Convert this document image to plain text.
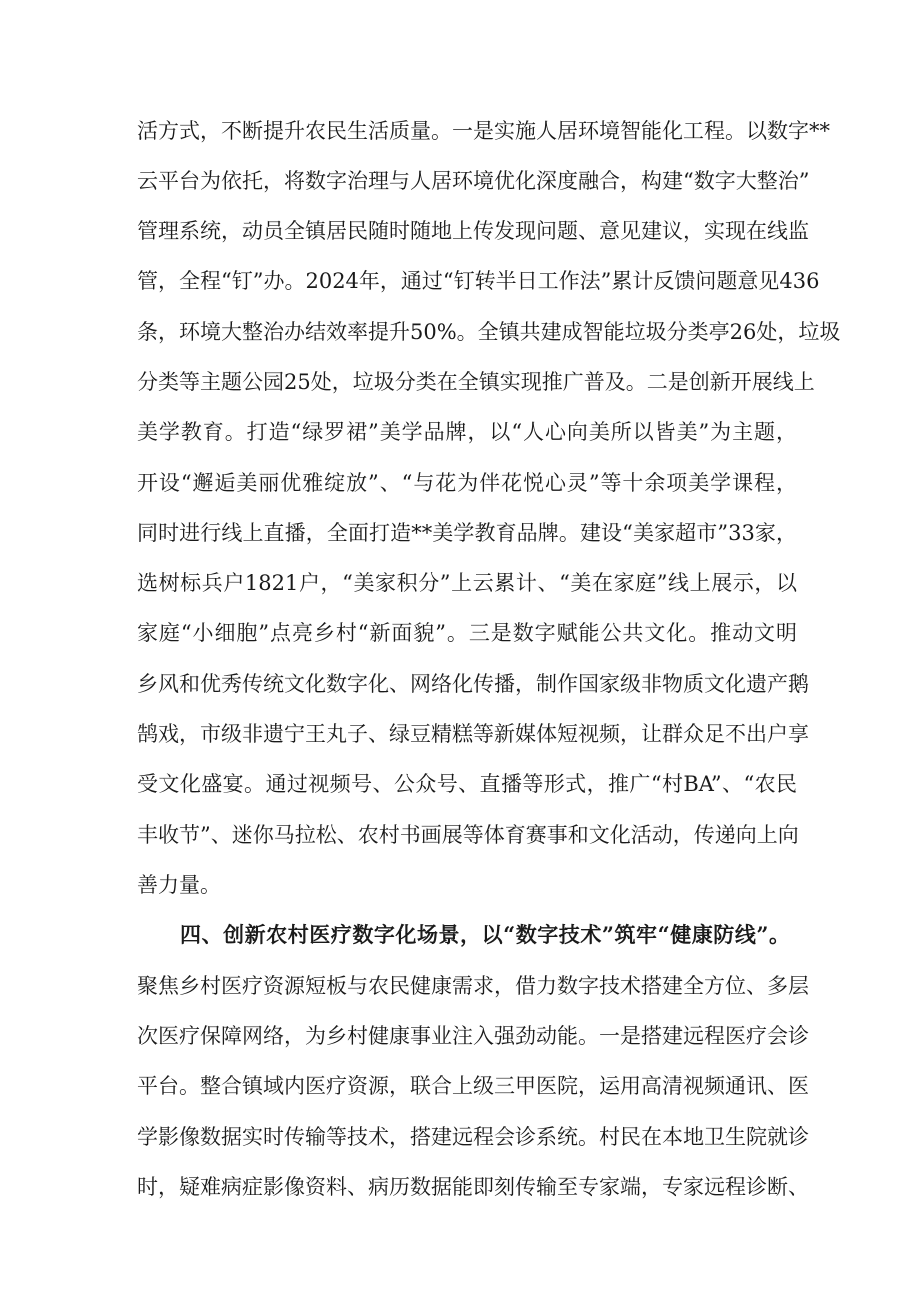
活方式，不断提升农民生活质量。一是实施人居环境智能化工程。以数字**
云平台为依托，将数字治理与人居环境优化深度融合，构建“数字大整治”
管理系统，动员全镇居民随时随地上传发现问题、意见建议，实现在线监
管，全程“钉”办。2024年，通过“钉转半日工作法”累计反馈问题意见436
条，环境大整治办结效率提升50%。全镇共建成智能垃圾分类亭26处，垃圾
分类等主题公园25处，垃圾分类在全镇实现推广普及。二是创新开展线上
美学教育。打造“绿罗裙”美学品牌，以“人心向美所以皆美”为主题，
开设“邂逅美丽优雅绽放”、“与花为伴花悦心灵”等十余项美学课程，
同时进行线上直播，全面打造**美学教育品牌。建设“美家超市”33家，
选树标兵户1821户，“美家积分”上云累计、“美在家庭”线上展示，以
家庭“小细胞”点亮乡村“新面貌”。三是数字赋能公共文化。推动文明
乡风和优秀传统文化数字化、网络化传播，制作国家级非物质文化遗产鹅
鹄戏，市级非遗宁王丸子、绿豆精糕等新媒体短视频，让群众足不出户享
受文化盛宴。通过视频号、公众号、直播等形式，推广“村BA”、“农民
丰收节”、迷你马拉松、农村书画展等体育赛事和文化活动，传递向上向
善力量。
四、创新农村医疗数字化场景，以“数字技术”筑牢“健康防线”。
聚焦乡村医疗资源短板与农民健康需求，借力数字技术搭建全方位、多层
次医疗保障网络，为乡村健康事业注入强劲动能。一是搭建远程医疗会诊
平台。整合镇域内医疗资源，联合上级三甲医院，运用高清视频通讯、医
学影像数据实时传输等技术，搭建远程会诊系统。村民在本地卫生院就诊
时，疑难病症影像资料、病历数据能即刻传输至专家端，专家远程诊断、
